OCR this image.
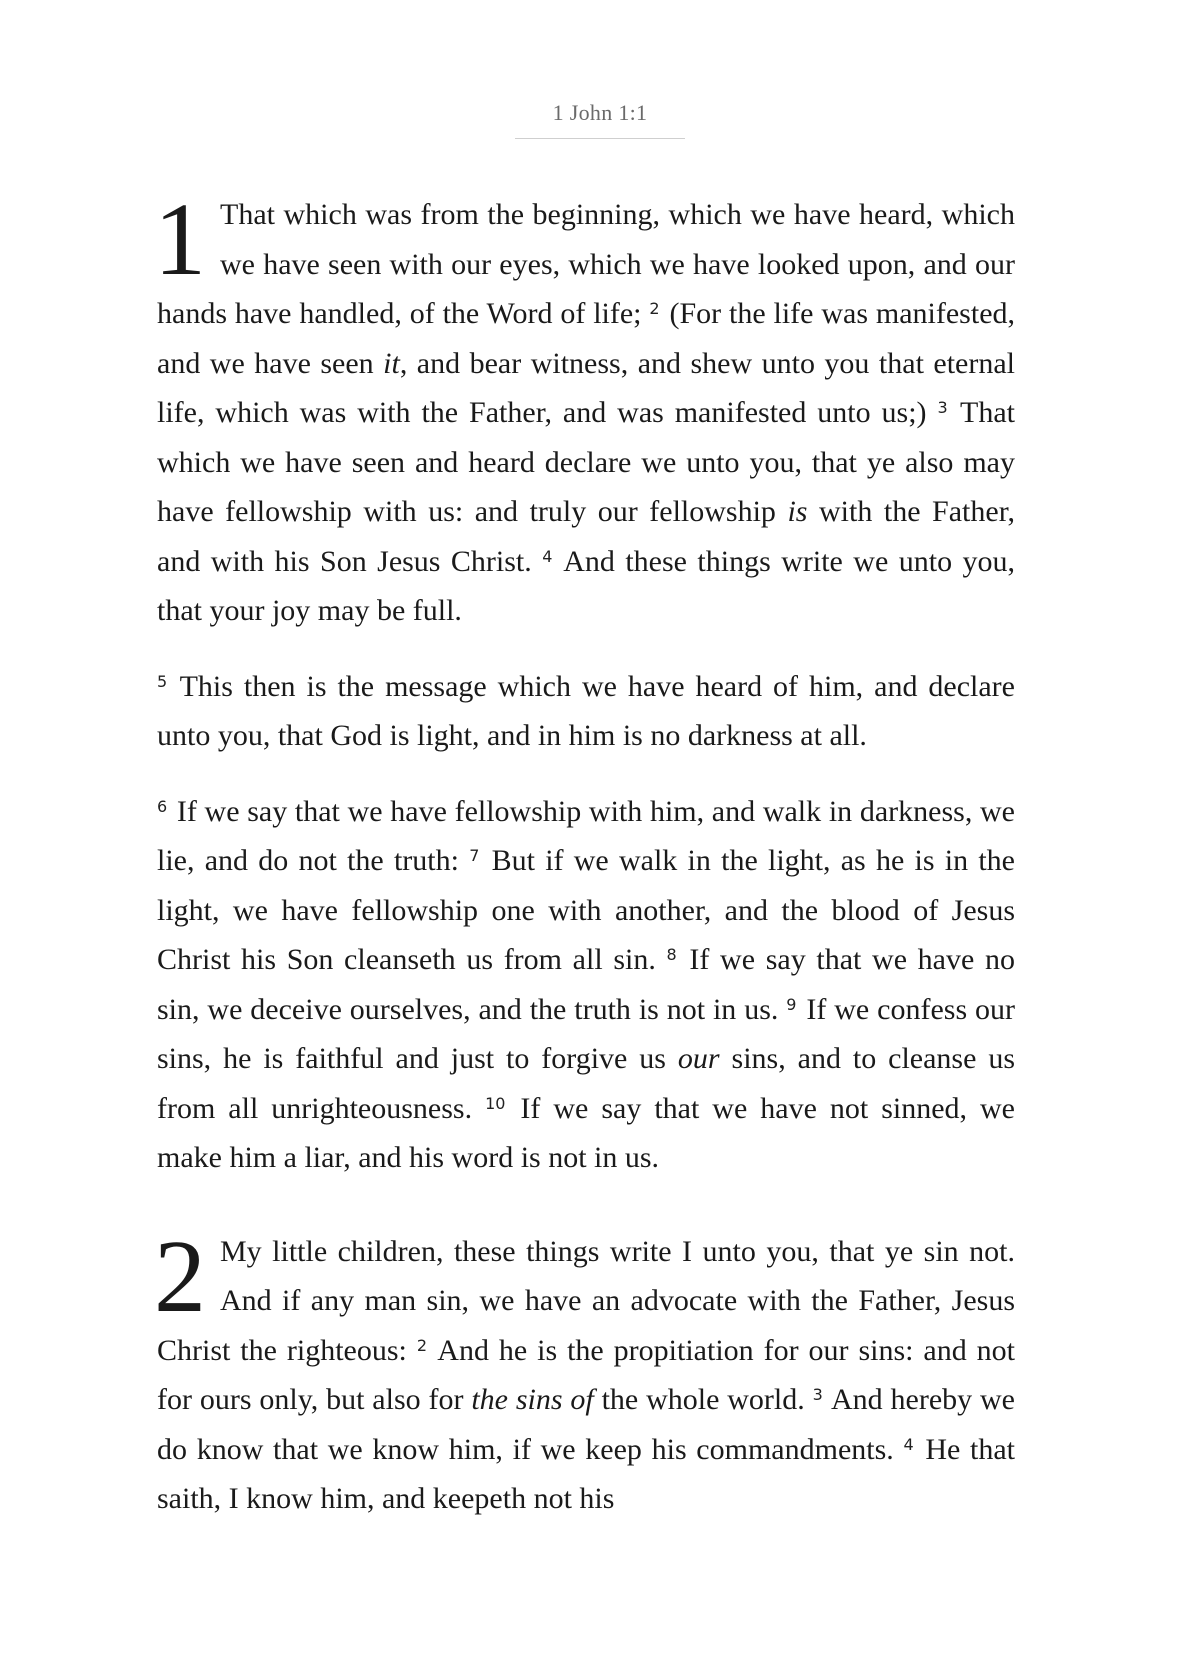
1 John 1:1

1 That which was from the beginning, which we have heard, which we have seen with our eyes, which we have looked upon, and our hands have handled, of the Word of life; $^2$ (For the life was manifested, and we have seen it, and bear witness, and shew unto you that eternal life, which was with the Father, and was manifested unto us;) $^3$ That which we have seen and heard declare we unto you, that ye also may have fellowship with us: and truly our fellowship is with the Father, and with his Son Jesus Christ. $^4$ And these things write we unto you, that your joy may be full.

$^5$ This then is the message which we have heard of him, and declare unto you, that God is light, and in him is no darkness at all.

$^6$ If we say that we have fellowship with him, and walk in darkness, we lie, and do not the truth: $^7$ But if we walk in the light, as he is in the light, we have fellowship one with another, and the blood of Jesus Christ his Son cleanseth us from all sin. $^8$ If we say that we have no sin, we deceive ourselves, and the truth is not in us. $^9$ If we confess our sins, he is faithful and just to forgive us our sins, and to cleanse us from all unrighteousness. $^{10}$ If we say that we have not sinned, we make him a liar, and his word is not in us.

2 My little children, these things write I unto you, that ye sin not. And if any man sin, we have an advocate with the Father, Jesus Christ the righteous: $^2$ And he is the propitiation for our sins: and not for ours only, but also for the sins of the whole world. $^3$ And hereby we do know that we know him, if we keep his commandments. $^4$ He that saith, I know him, and keepeth not his
